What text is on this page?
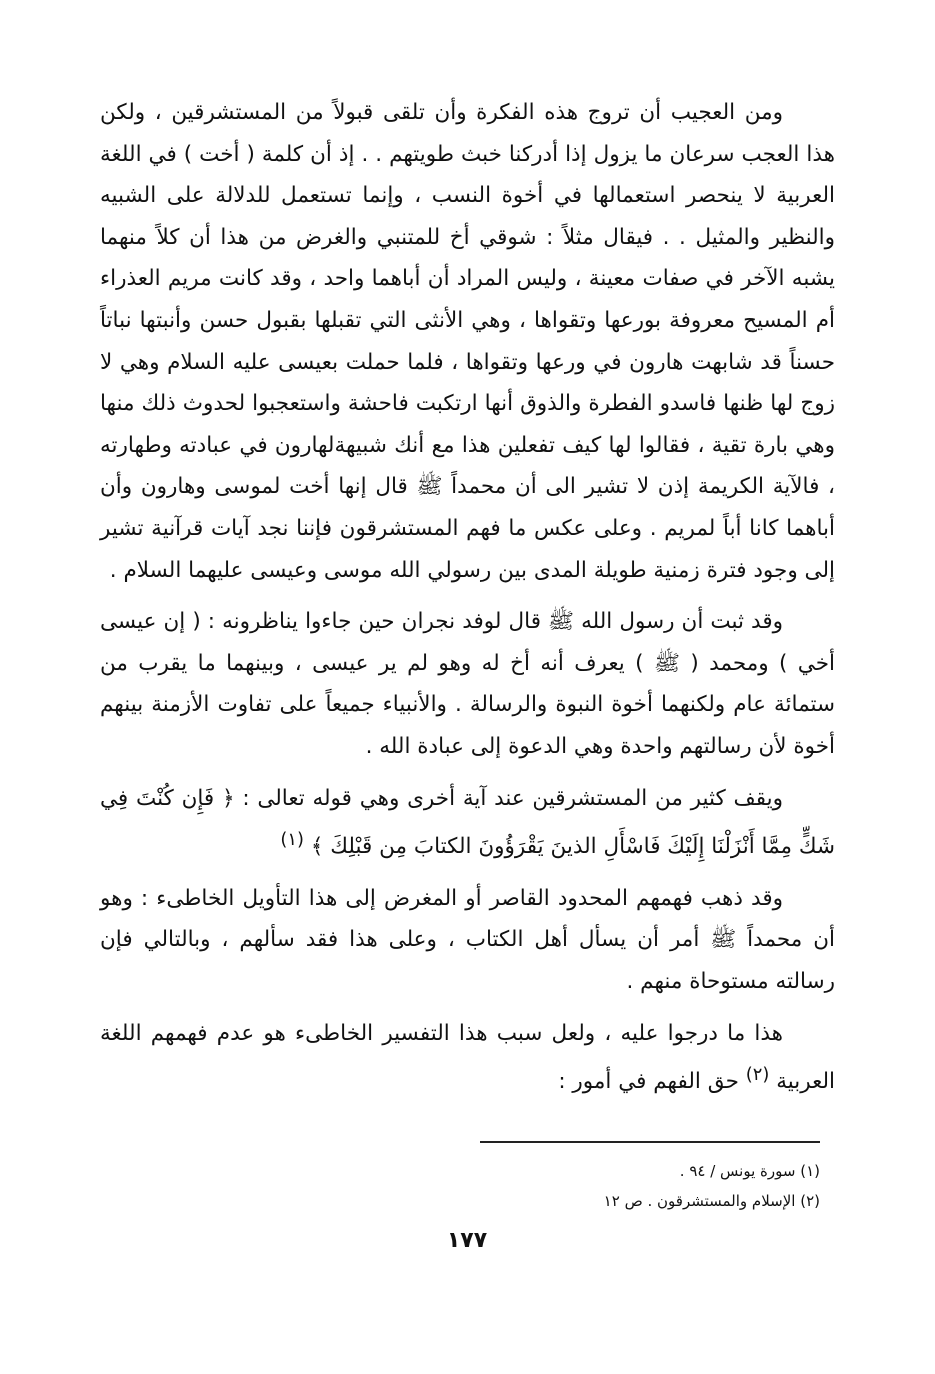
ومن العجيب أن تروج هذه الفكرة وأن تلقى قبولاً من المستشرقين ، ولكن هذا العجب سرعان ما يزول إذا أدركنا خبث طويتهم . . إذ أن كلمة ( أخت ) في اللغة العربية لا ينحصر استعمالها في أخوة النسب ، وإنما تستعمل للدلالة على الشبيه والنظير والمثيل . . فيقال مثلاً : شوقي أخ للمتنبي والغرض من هذا أن كلاً منهما يشبه الآخر في صفات معينة ، وليس المراد أن أباهما واحد ، وقد كانت مريم العذراء أم المسيح معروفة بورعها وتقواها ، وهي الأنثى التي تقبلها بقبول حسن وأنبتها نباتاً حسناً قد شابهت هارون في ورعها وتقواها ، فلما حملت بعيسى عليه السلام وهي لا زوج لها ظنها فاسدو الفطرة والذوق أنها ارتكبت فاحشة واستعجبوا لحدوث ذلك منها وهي بارة تقية ، فقالوا لها كيف تفعلين هذا مع أنك شبيهةلهارون في عبادته وطهارته ، فالآية الكريمة إذن لا تشير الى أن محمداً ﷺ قال إنها أخت لموسى وهارون وأن أباهما كانا أباً لمريم . وعلى عكس ما فهم المستشرقون فإننا نجد آيات قرآنية تشير إلى وجود فترة زمنية طويلة المدى بين رسولي الله موسى وعيسى عليهما السلام .

وقد ثبت أن رسول الله ﷺ قال لوفد نجران حين جاءوا يناظرونه : ( إن عيسى أخي ) ومحمد ( ﷺ ) يعرف أنه أخ له وهو لم ير عيسى ، وبينهما ما يقرب من ستمائة عام ولكنهما أخوة النبوة والرسالة . والأنبياء جميعاً على تفاوت الأزمنة بينهم أخوة لأن رسالتهم واحدة وهي الدعوة إلى عبادة الله .

ويقف كثير من المستشرقين عند آية أخرى وهي قوله تعالى : ﴿ فَإِن كُنْتَ فِي شَكٍّ مِمَّا أَنْزَلْنَا إِلَيْكَ فَاسْأَلِ الذينَ يَقْرَؤُونَ الكتابَ مِن قَبْلِكَ ﴾ $^{(١)}$

وقد ذهب فهمهم المحدود القاصر أو المغرض إلى هذا التأويل الخاطىء : وهو أن محمداً ﷺ أمر أن يسأل أهل الكتاب ، وعلى هذا فقد سألهم ، وبالتالي فإن رسالته مستوحاة منهم .

هذا ما درجوا عليه ، ولعل سبب هذا التفسير الخاطىء هو عدم فهمهم اللغة العربية $^{(٢)}$ حق الفهم في أمور :

(١) سورة يونس / ٩٤ .

(٢) الإسلام والمستشرقون . ص ١٢

١٧٧
